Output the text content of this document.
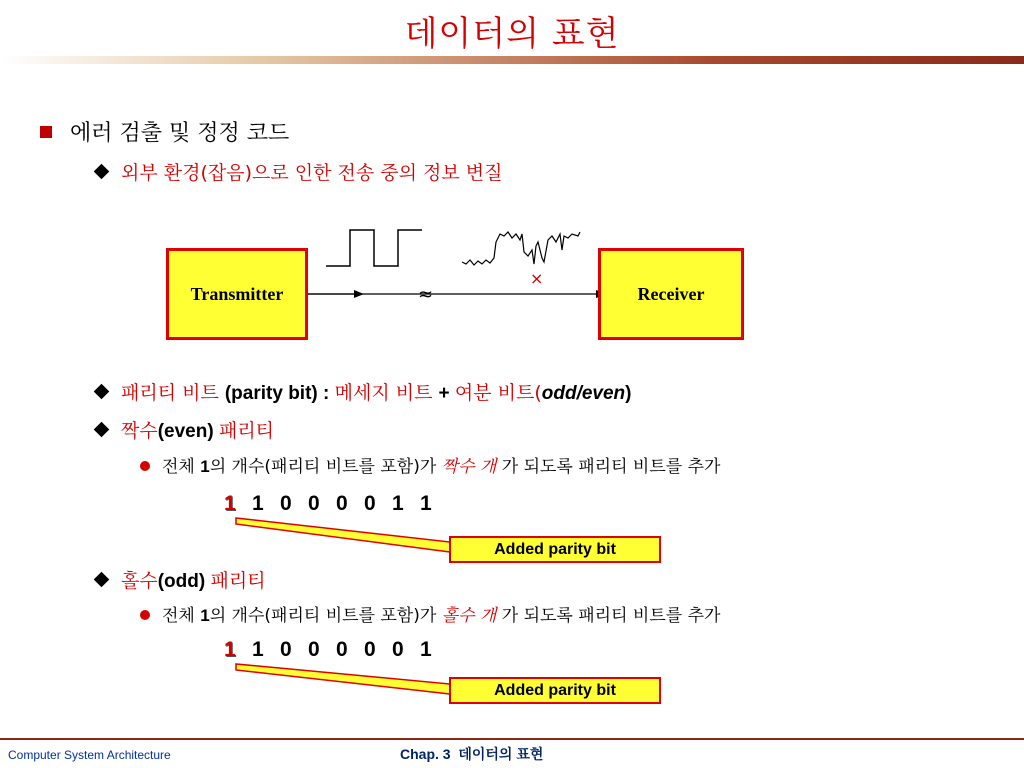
데이터의 표현
에러 검출 및 정정 코드
외부 환경(잡음)으로 인한 전송 중의 정보 변질
≈
×
Transmitter	Receiver
패리티 비트 (parity bit) : 메세지 비트 + 여분 비트(odd/even)
짝수(even) 패리티
전체 1의 개수(패리티 비트를 포함)가 짝수 개 가 되도록 패리티 비트를 추가
1 1 0 0 0 0 1 1
Added parity bit
홀수(odd) 패리티
전체 1의 개수(패리티 비트를 포함)가 홀수 개 가 되도록 패리티 비트를 추가
1 1 0 0 0 0 0 1
Added parity bit
Computer System Architecture	Chap. 3 데이터의 표현
